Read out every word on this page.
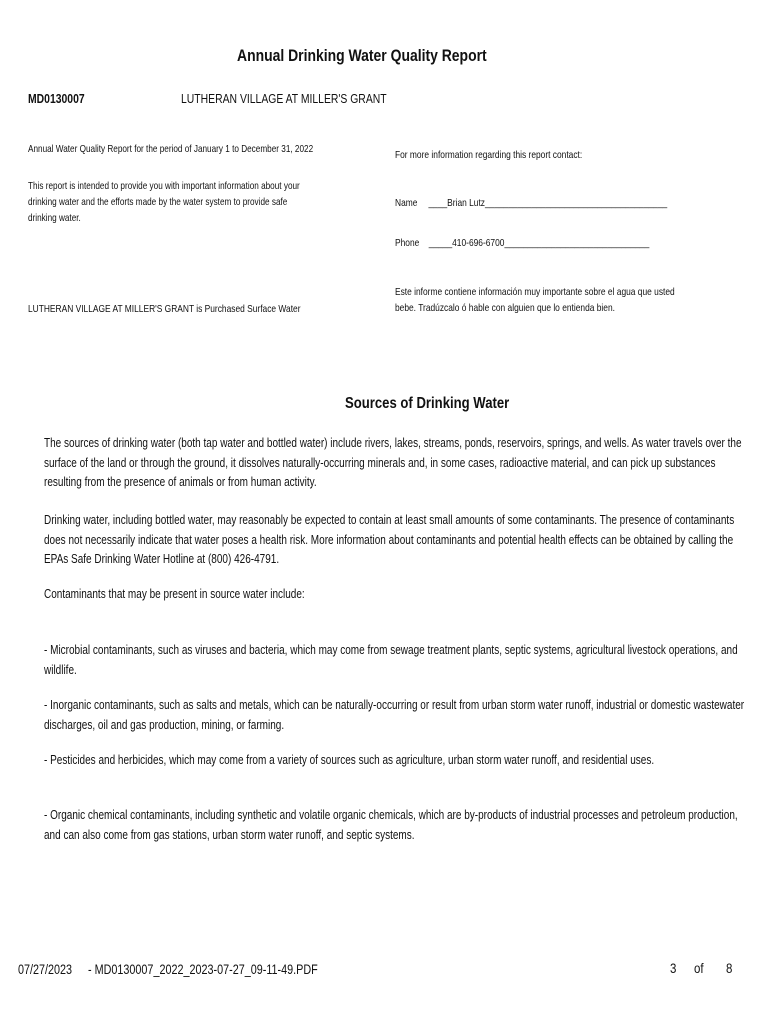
Annual Drinking Water Quality Report
MD0130007	LUTHERAN VILLAGE AT MILLER'S GRANT
Annual Water Quality Report for the period of January 1 to December 31, 2022
This report is intended to provide you with important information about your
drinking water and the efforts made by the water system to provide safe
drinking water.
LUTHERAN VILLAGE AT MILLER'S GRANT is Purchased Surface Water
For more information regarding this report contact:
Name ____Brian Lutz_______________________________________
Phone _____410-696-6700_______________________________
Este informe contiene información muy importante sobre el agua que usted
bebe. Tradúzcalo ó hable con alguien que lo entienda bien.
Sources of Drinking Water
The sources of drinking water (both tap water and bottled water) include rivers, lakes, streams, ponds, reservoirs, springs, and wells. As water travels over the
surface of the land or through the ground, it dissolves naturally-occurring minerals and, in some cases, radioactive material, and can pick up substances
resulting from the presence of animals or from human activity.
Drinking water, including bottled water, may reasonably be expected to contain at least small amounts of some contaminants. The presence of contaminants
does not necessarily indicate that water poses a health risk. More information about contaminants and potential health effects can be obtained by calling the
EPAs Safe Drinking Water Hotline at (800) 426-4791.
Contaminants that may be present in source water include:
- Microbial contaminants, such as viruses and bacteria, which may come from sewage treatment plants, septic systems, agricultural livestock operations, and
wildlife.
- Inorganic contaminants, such as salts and metals, which can be naturally-occurring or result from urban storm water runoff, industrial or domestic wastewater
discharges, oil and gas production, mining, or farming.
- Pesticides and herbicides, which may come from a variety of sources such as agriculture, urban storm water runoff, and residential uses.
- Organic chemical contaminants, including synthetic and volatile organic chemicals, which are by-products of industrial processes and petroleum production,
and can also come from gas stations, urban storm water runoff, and septic systems.
07/27/2023 - MD0130007_2022_2023-07-27_09-11-49.PDF	3 of 8
